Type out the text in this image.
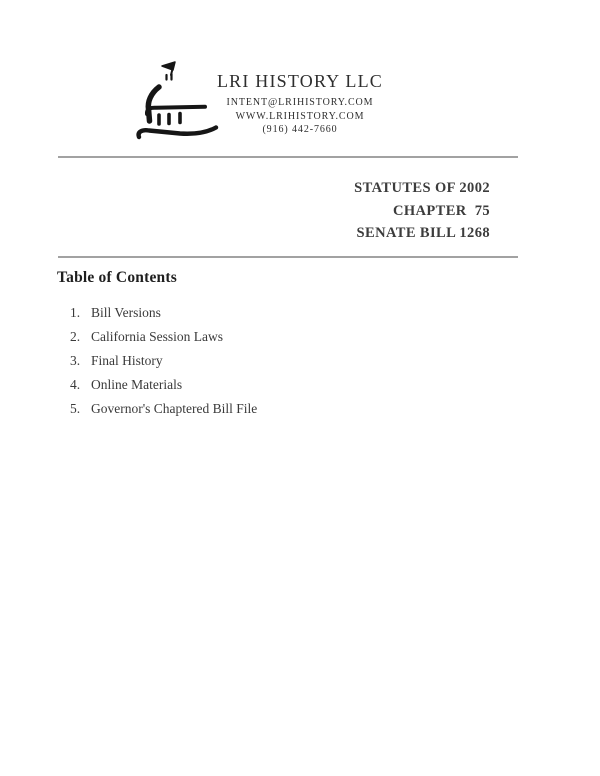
LRI HISTORY LLC
INTENT@LRIHISTORY.COM
WWW.LRIHISTORY.COM
(916) 442-7660
STATUTES OF 2002
CHAPTER  75
SENATE BILL 1268
Table of Contents
1. Bill Versions
2. California Session Laws
3. Final History
4. Online Materials
5. Governor's Chaptered Bill File
